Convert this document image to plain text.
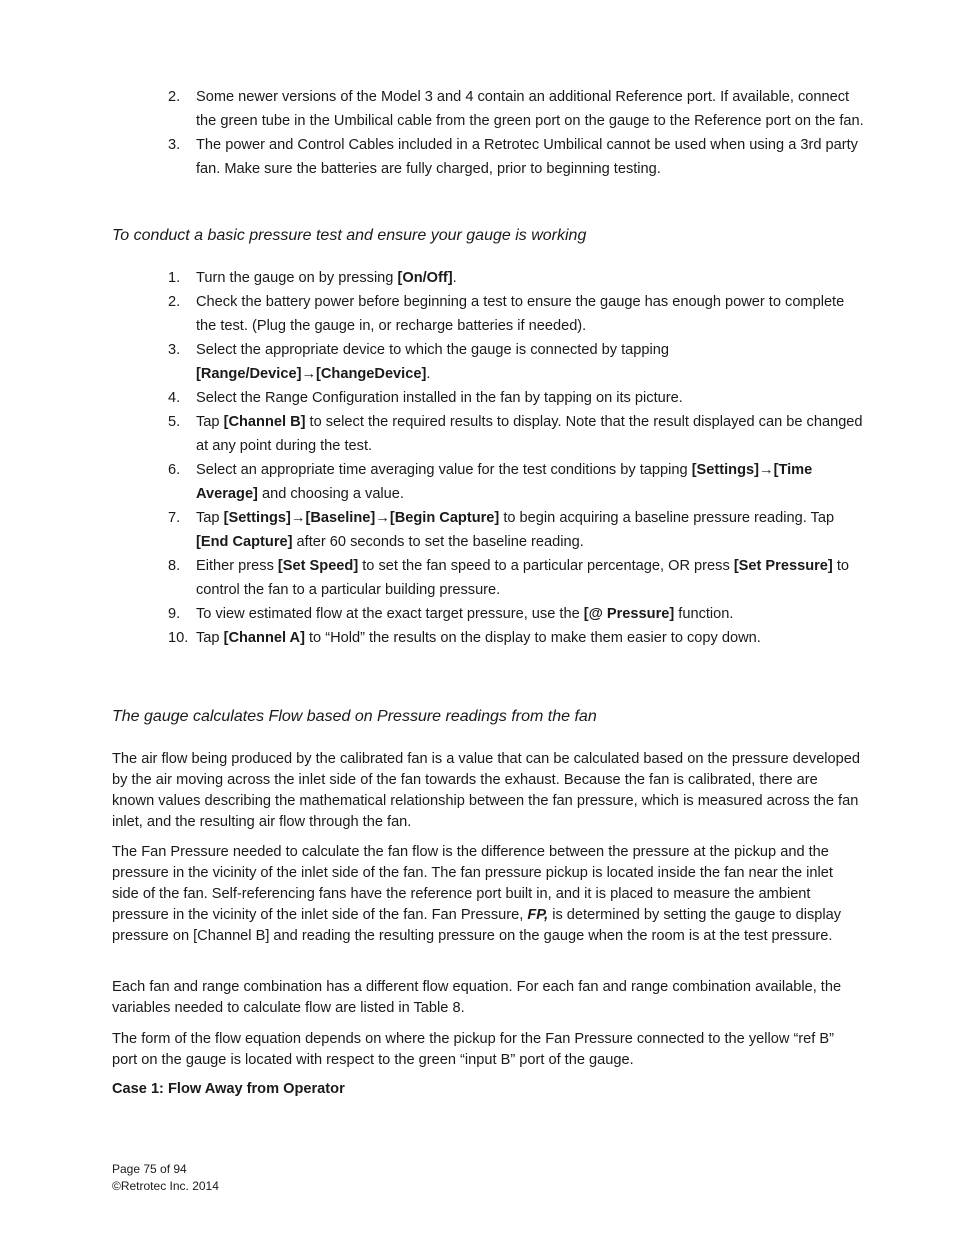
2.	Some newer versions of the Model 3 and 4 contain an additional Reference port. If available, connect the green tube in the Umbilical cable from the green port on the gauge to the Reference port on the fan.
3.	The power and Control Cables included in a Retrotec Umbilical cannot be used when using a 3rd party fan. Make sure the batteries are fully charged, prior to beginning testing.
To conduct a basic pressure test and ensure your gauge is working
1.	Turn the gauge on by pressing [On/Off].
2.	Check the battery power before beginning a test to ensure the gauge has enough power to complete the test. (Plug the gauge in, or recharge batteries if needed).
3.	Select the appropriate device to which the gauge is connected by tapping [Range/Device]→[ChangeDevice].
4.	Select the Range Configuration installed in the fan by tapping on its picture.
5.	Tap [Channel B] to select the required results to display. Note that the result displayed can be changed at any point during the test.
6.	Select an appropriate time averaging value for the test conditions by tapping [Settings]→[Time Average] and choosing a value.
7.	Tap [Settings]→[Baseline]→[Begin Capture] to begin acquiring a baseline pressure reading. Tap [End Capture] after 60 seconds to set the baseline reading.
8.	Either press [Set Speed] to set the fan speed to a particular percentage, OR press [Set Pressure] to control the fan to a particular building pressure.
9.	To view estimated flow at the exact target pressure, use the [@ Pressure] function.
10. Tap [Channel A] to “Hold” the results on the display to make them easier to copy down.
The gauge calculates Flow based on Pressure readings from the fan

The air flow being produced by the calibrated fan is a value that can be calculated based on the pressure developed by the air moving across the inlet side of the fan towards the exhaust. Because the fan is calibrated, there are known values describing the mathematical relationship between the fan pressure, which is measured across the fan inlet, and the resulting air flow through the fan.

The Fan Pressure needed to calculate the fan flow is the difference between the pressure at the pickup and the pressure in the vicinity of the inlet side of the fan. The fan pressure pickup is located inside the fan near the inlet side of the fan. Self-referencing fans have the reference port built in, and it is placed to measure the ambient pressure in the vicinity of the inlet side of the fan. Fan Pressure, FP, is determined by setting the gauge to display pressure on [Channel B] and reading the resulting pressure on the gauge when the room is at the test pressure.

Each fan and range combination has a different flow equation. For each fan and range combination available, the variables needed to calculate flow are listed in Table 8.

The form of the flow equation depends on where the pickup for the Fan Pressure connected to the yellow “ref B” port on the gauge is located with respect to the green “input B” port of the gauge.

Case 1: Flow Away from Operator

Page 75 of 94
©Retrotec Inc. 2014
